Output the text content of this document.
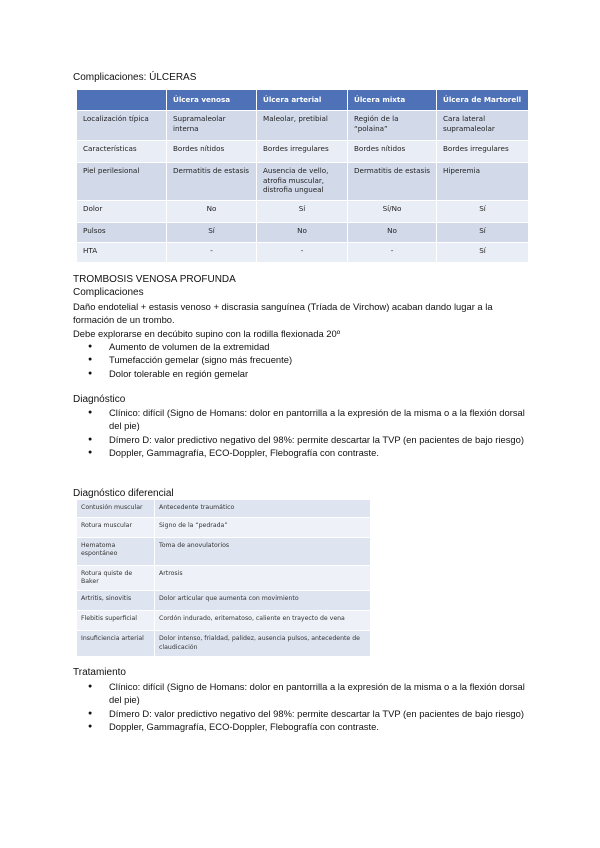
Complicaciones: ÚLCERAS
	Úlcera venosa	Úlcera arterial	Úlcera mixta	Úlcera de Martorell
Localización típica	Supramaleolar interna	Maleolar, pretibial	Región de la “polaina”	Cara lateral supramaleolar
Características	Bordes nítidos	Bordes irregulares	Bordes nítidos	Bordes irregulares
Piel perilesional	Dermatitis de estasis	Ausencia de vello, atrofia muscular, distrofia ungueal	Dermatitis de estasis	Hiperemia
Dolor	No	Sí	Sí/No	Sí
Pulsos	Sí	No	No	Sí
HTA	-	-	-	Sí
TROMBOSIS VENOSA PROFUNDA
Complicaciones
Daño endotelial + estasis venoso + discrasia sanguínea (Tríada de Virchow) acaban dando lugar a la formación de un trombo.
Debe explorarse en decúbito supino con la rodilla flexionada 20º
● Aumento de volumen de la extremidad
● Tumefacción gemelar (signo más frecuente)
● Dolor tolerable en región gemelar
Diagnóstico
● Clínico: difícil (Signo de Homans: dolor en pantorrilla a la expresión de la misma o a la flexión dorsal del pie)
● Dímero D: valor predictivo negativo del 98%: permite descartar la TVP (en pacientes de bajo riesgo)
● Doppler, Gammagrafía, ECO-Doppler, Flebografía con contraste.
Diagnóstico diferencial
Contusión muscular	Antecedente traumático
Rotura muscular	Signo de la “pedrada”
Hematoma espontáneo	Toma de anovulatorios
Rotura quiste de Baker	Artrosis
Artritis, sinovitis	Dolor articular que aumenta con movimiento
Flebitis superficial	Cordón indurado, eritematoso, caliente en trayecto de vena
Insuficiencia arterial	Dolor intenso, frialdad, palidez, ausencia pulsos, antecedente de claudicación
Tratamiento
● Clínico: difícil (Signo de Homans: dolor en pantorrilla a la expresión de la misma o a la flexión dorsal del pie)
● Dímero D: valor predictivo negativo del 98%: permite descartar la TVP (en pacientes de bajo riesgo)
● Doppler, Gammagrafía, ECO-Doppler, Flebografía con contraste.
